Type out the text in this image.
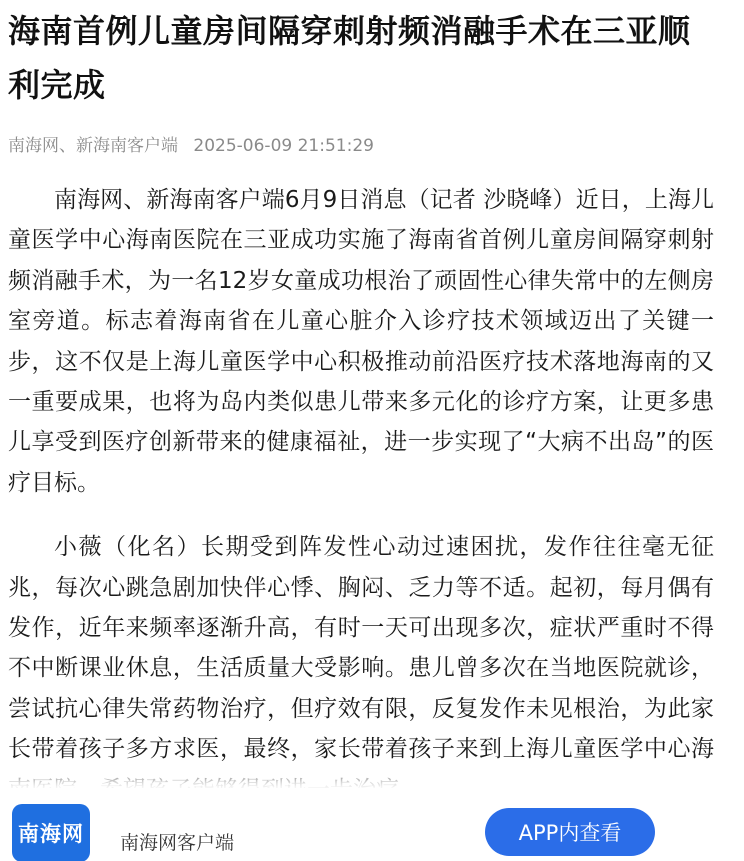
海南首例儿童房间隔穿刺射频消融手术在三亚顺利完成
南海网、新海南客户端 2025-06-09 21:51:29

南海网、新海南客户端6月9日消息（记者 沙晓峰）近日，上海儿童医学中心海南医院在三亚成功实施了海南省首例儿童房间隔穿刺射频消融手术，为一名12岁女童成功根治了顽固性心律失常中的左侧房室旁道。标志着海南省在儿童心脏介入诊疗技术领域迈出了关键一步，这不仅是上海儿童医学中心积极推动前沿医疗技术落地海南的又一重要成果，也将为岛内类似患儿带来多元化的诊疗方案，让更多患儿享受到医疗创新带来的健康福祉，进一步实现了“大病不出岛”的医疗目标。

小薇（化名）长期受到阵发性心动过速困扰，发作往往毫无征兆，每次心跳急剧加快伴心悸、胸闷、乏力等不适。起初，每月偶有发作，近年来频率逐渐升高，有时一天可出现多次，症状严重时不得不中断课业休息，生活质量大受影响。患儿曾多次在当地医院就诊，尝试抗心律失常药物治疗，但疗效有限，反复发作未见根治，为此家长带着孩子多方求医，最终，家长带着孩子来到上海儿童医学中心海

南海网	南海网客户端	APP内查看
